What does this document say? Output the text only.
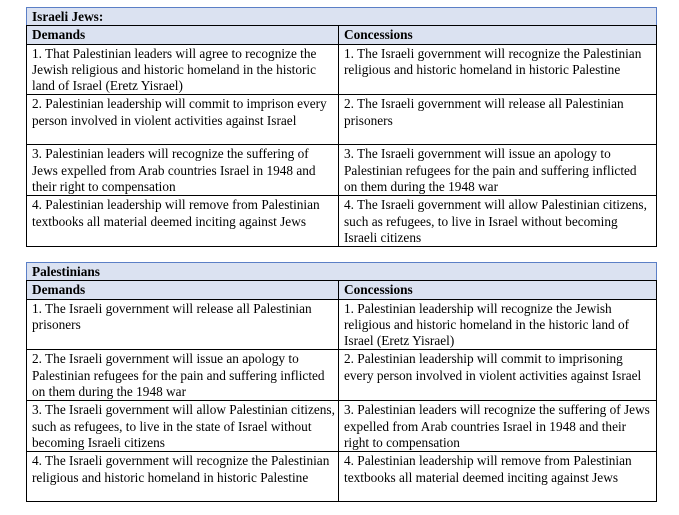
Israeli Jews:	
Demands	Concessions
1. That Palestinian leaders will agree to recognize the Jewish religious and historic homeland in the historic land of Israel (Eretz Yisrael)	1. The Israeli government will recognize the Palestinian religious and historic homeland in historic Palestine
2. Palestinian leadership will commit to imprison every person involved in violent activities against Israel	2. The Israeli government will release all Palestinian prisoners
3. Palestinian leaders will recognize the suffering of Jews expelled from Arab countries Israel in 1948 and their right to compensation	3. The Israeli government will issue an apology to Palestinian refugees for the pain and suffering inflicted on them during the 1948 war
4. Palestinian leadership will remove from Palestinian textbooks all material deemed inciting against Jews	4. The Israeli government will allow Palestinian citizens, such as refugees, to live in Israel without becoming Israeli citizens
Palestinians	
Demands	Concessions
1. The Israeli government will release all Palestinian prisoners	1. Palestinian leadership will recognize the Jewish religious and historic homeland in the historic land of Israel (Eretz Yisrael)
2. The Israeli government will issue an apology to Palestinian refugees for the pain and suffering inflicted on them during the 1948 war	2. Palestinian leadership will commit to imprisoning every person involved in violent activities against Israel
3. The Israeli government will allow Palestinian citizens, such as refugees, to live in the state of Israel without becoming Israeli citizens	3. Palestinian leaders will recognize the suffering of Jews expelled from Arab countries Israel in 1948 and their right to compensation
4. The Israeli government will recognize the Palestinian religious and historic homeland in historic Palestine	4. Palestinian leadership will remove from Palestinian textbooks all material deemed inciting against Jews
